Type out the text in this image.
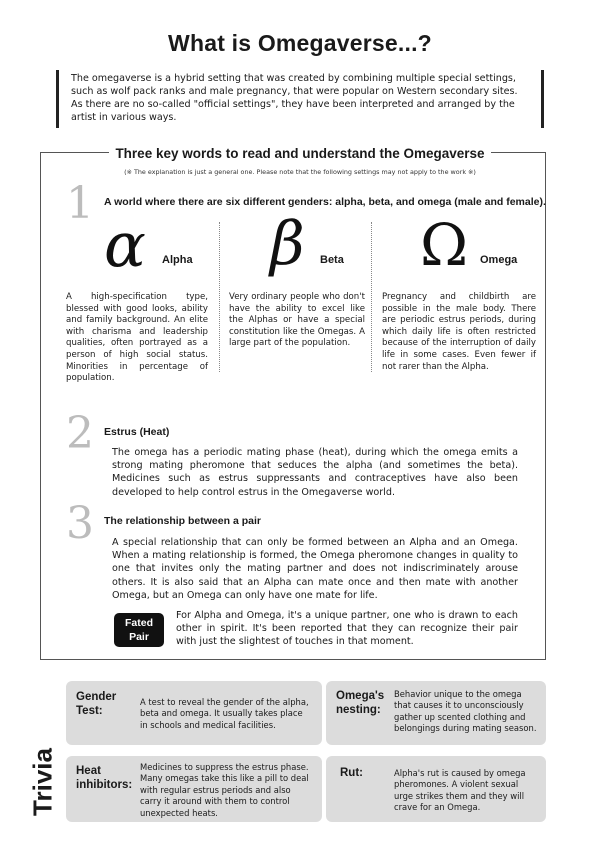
What is Omegaverse...?
The omegaverse is a hybrid setting that was created by combining multiple special settings, such as wolf pack ranks and male pregnancy, that were popular on Western secondary sites. As there are no so-called "official settings", they have been interpreted and arranged by the artist in various ways.
Three key words to read and understand the Omegaverse
(※ The explanation is just a general one. Please note that the following settings may not apply to the work ※)
1 A world where there are six different genders: alpha, beta, and omega (male and female).
α Alpha
A high-specification type, blessed with good looks, ability and family background. An elite with charisma and leadership qualities, often portrayed as a person of high social status. Minorities in percentage of population.
β Beta
Very ordinary people who don't have the ability to excel like the Alphas or have a special constitution like the Omegas. A large part of the population.
Ω Omega
Pregnancy and childbirth are possible in the male body. There are periodic estrus periods, during which daily life is often restricted because of the interruption of daily life in some cases. Even fewer if not rarer than the Alpha.
2 Estrus (Heat)
The omega has a periodic mating phase (heat), during which the omega emits a strong mating pheromone that seduces the alpha (and sometimes the beta). Medicines such as estrus suppressants and contraceptives have also been developed to help control estrus in the Omegaverse world.
3 The relationship between a pair
A special relationship that can only be formed between an Alpha and an Omega. When a mating relationship is formed, the Omega pheromone changes in quality to one that invites only the mating partner and does not indiscriminately arouse others. It is also said that an Alpha can mate once and then mate with another Omega, but an Omega can only have one mate for life.
Fated
Pair
For Alpha and Omega, it's a unique partner, one who is drawn to each other in spirit. It's been reported that they can recognize their pair with just the slightest of touches in that moment.
Trivia
Gender Test:
A test to reveal the gender of the alpha, beta and omega. It usually takes place in schools and medical facilities.
Omega's nesting:
Behavior unique to the omega that causes it to unconsciously gather up scented clothing and belongings during mating season.
Heat inhibitors:
Medicines to suppress the estrus phase. Many omegas take this like a pill to deal with regular estrus periods and also carry it around with them to control unexpected heats.
Rut:	Alpha's rut is caused by omega pheromones. A violent sexual urge strikes them and they will crave for an Omega.
